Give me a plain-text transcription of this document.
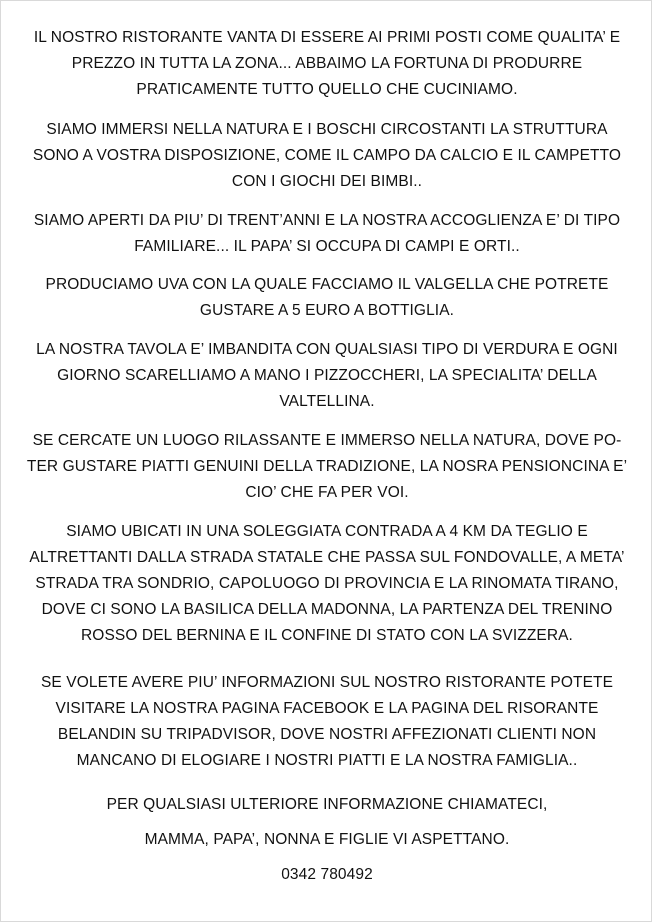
IL NOSTRO RISTORANTE VANTA DI ESSERE AI PRIMI POSTI COME QUALITA’ E
PREZZO IN TUTTA LA ZONA... ABBAIMO LA FORTUNA DI PRODURRE
PRATICAMENTE TUTTO QUELLO CHE CUCINIAMO.

SIAMO IMMERSI NELLA NATURA E I BOSCHI CIRCOSTANTI LA STRUTTURA
SONO A VOSTRA DISPOSIZIONE, COME IL CAMPO DA CALCIO E IL CAMPETTO
CON I GIOCHI DEI BIMBI..

SIAMO APERTI DA PIU’ DI TRENT’ANNI E LA NOSTRA ACCOGLIENZA E’ DI TIPO
FAMILIARE... IL PAPA’ SI OCCUPA DI CAMPI E ORTI..

PRODUCIAMO UVA CON LA QUALE FACCIAMO IL VALGELLA CHE POTRETE
GUSTARE A 5 EURO A BOTTIGLIA.

LA NOSTRA TAVOLA E’ IMBANDITA CON QUALSIASI TIPO DI VERDURA E OGNI
GIORNO SCARELLIAMO A MANO I PIZZOCCHERI, LA SPECIALITA’ DELLA
VALTELLINA.

SE CERCATE UN LUOGO RILASSANTE E IMMERSO NELLA NATURA, DOVE PO-
TER GUSTARE PIATTI GENUINI DELLA TRADIZIONE, LA NOSRA PENSIONCINA E’
CIO’ CHE FA PER VOI.

SIAMO UBICATI IN UNA SOLEGGIATA CONTRADA A 4 KM DA TEGLIO E
ALTRETTANTI DALLA STRADA STATALE CHE PASSA SUL FONDOVALLE, A META’
STRADA TRA SONDRIO, CAPOLUOGO DI PROVINCIA E LA RINOMATA TIRANO,
DOVE CI SONO LA BASILICA DELLA MADONNA, LA PARTENZA DEL TRENINO
ROSSO DEL BERNINA E IL CONFINE DI STATO CON LA SVIZZERA.

SE VOLETE AVERE PIU’ INFORMAZIONI SUL NOSTRO RISTORANTE POTETE
VISITARE LA NOSTRA PAGINA FACEBOOK E LA PAGINA DEL RISORANTE
BELANDIN SU TRIPADVISOR, DOVE NOSTRI AFFEZIONATI CLIENTI NON
MANCANO DI ELOGIARE I NOSTRI PIATTI E LA NOSTRA FAMIGLIA..

PER QUALSIASI ULTERIORE INFORMAZIONE CHIAMATECI,

MAMMA, PAPA’, NONNA E FIGLIE VI ASPETTANO.

0342 780492
